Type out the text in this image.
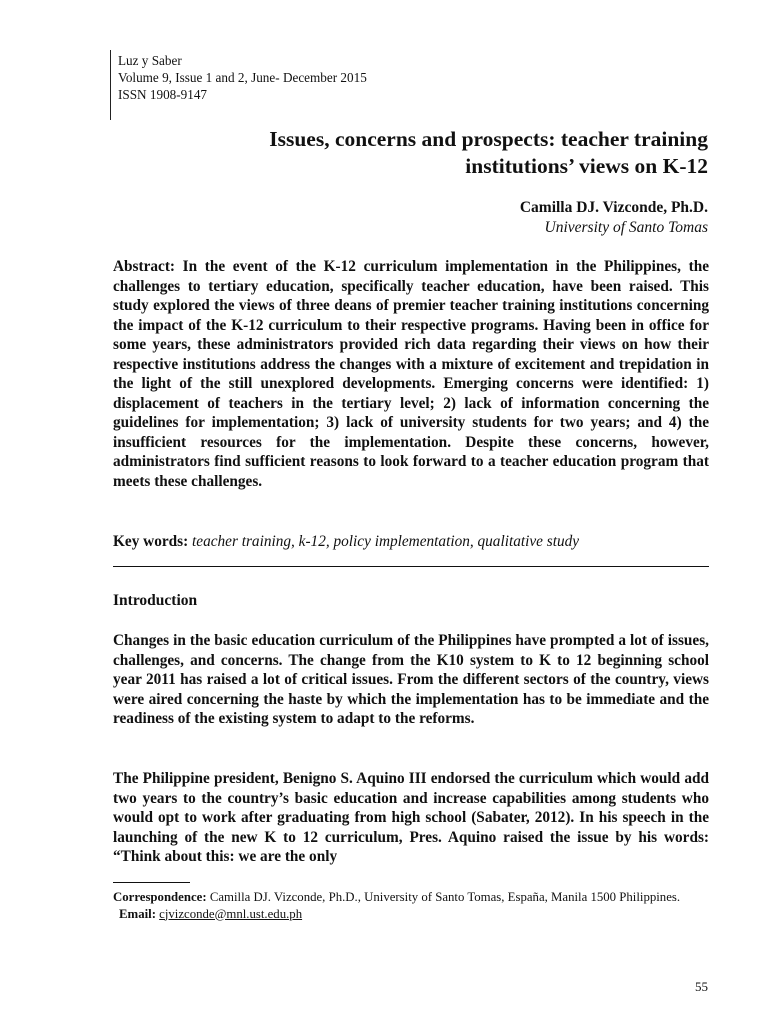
Luz y Saber
Volume 9, Issue 1 and 2, June- December 2015
ISSN 1908-9147
Issues, concerns and prospects: teacher training
institutions’ views on K-12
Camilla DJ. Vizconde, Ph.D.
University of Santo Tomas
Abstract: In the event of the K-12 curriculum implementation in the Philippines, the challenges to tertiary education, specifically teacher education, have been raised. This study explored the views of three deans of premier teacher training institutions concerning the impact of the K-12 curriculum to their respective programs. Having been in office for some years, these administrators provided rich data regarding their views on how their respective institutions address the changes with a mixture of excitement and trepidation in the light of the still unexplored developments. Emerging concerns were identified: 1) displacement of teachers in the tertiary level; 2) lack of information concerning the guidelines for implementation; 3) lack of university students for two years; and 4) the insufficient resources for the implementation. Despite these concerns, however, administrators find sufficient reasons to look forward to a teacher education program that meets these challenges.
Key words: teacher training, k-12, policy implementation, qualitative study
Introduction
Changes in the basic education curriculum of the Philippines have prompted a lot of issues, challenges, and concerns. The change from the K10 system to K to 12 beginning school year 2011 has raised a lot of critical issues. From the different sectors of the country, views were aired concerning the haste by which the implementation has to be immediate and the readiness of the existing system to adapt to the reforms.
The Philippine president, Benigno S. Aquino III endorsed the curriculum which would add two years to the country’s basic education and increase capabilities among students who would opt to work after graduating from high school (Sabater, 2012). In his speech in the launching of the new K to 12 curriculum, Pres. Aquino raised the issue by his words: “Think about this: we are the only
Correspondence: Camilla DJ. Vizconde, Ph.D., University of Santo Tomas, España, Manila 1500 Philippines.
Email: cjvizconde@mnl.ust.edu.ph
55
